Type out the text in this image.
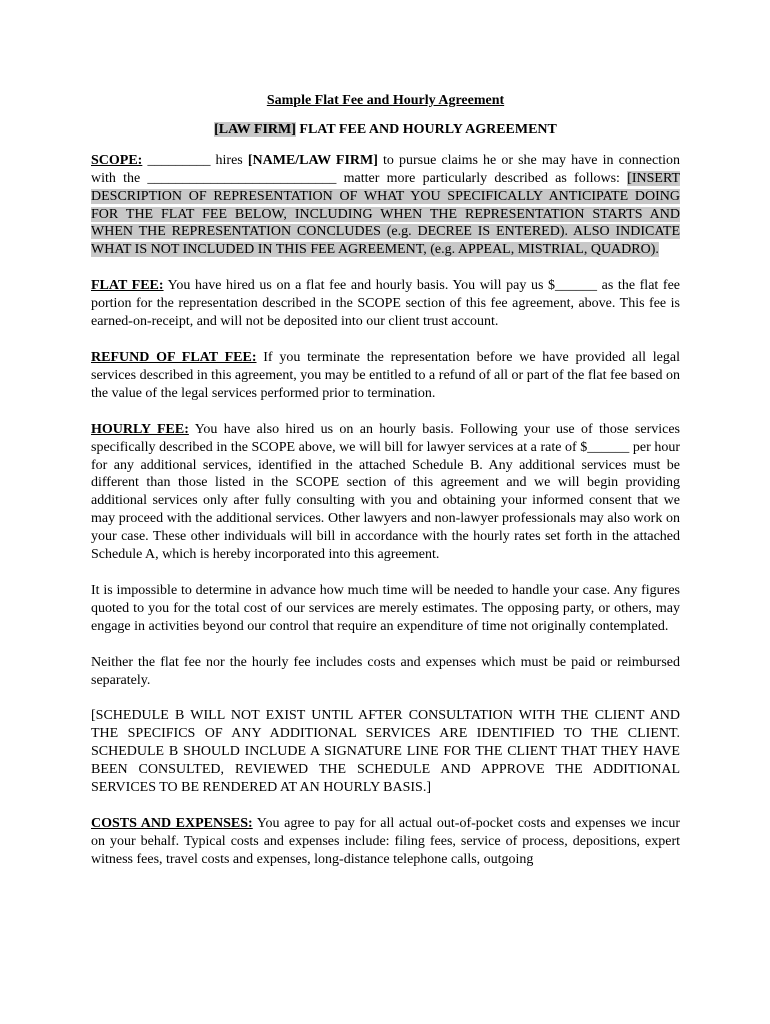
Sample Flat Fee and Hourly Agreement
[LAW FIRM] FLAT FEE AND HOURLY AGREEMENT

SCOPE: _________ hires [NAME/LAW FIRM] to pursue claims he or she may have in connection with the ___________________________ matter more particularly described as follows: [INSERT DESCRIPTION OF REPRESENTATION OF WHAT YOU SPECIFICALLY ANTICIPATE DOING FOR THE FLAT FEE BELOW, INCLUDING WHEN THE REPRESENTATION STARTS AND WHEN THE REPRESENTATION CONCLUDES (e.g. DECREE IS ENTERED). ALSO INDICATE WHAT IS NOT INCLUDED IN THIS FEE AGREEMENT, (e.g. APPEAL, MISTRIAL, QUADRO).

FLAT FEE: You have hired us on a flat fee and hourly basis. You will pay us $______ as the flat fee portion for the representation described in the SCOPE section of this fee agreement, above. This fee is earned-on-receipt, and will not be deposited into our client trust account.

REFUND OF FLAT FEE: If you terminate the representation before we have provided all legal services described in this agreement, you may be entitled to a refund of all or part of the flat fee based on the value of the legal services performed prior to termination.

HOURLY FEE: You have also hired us on an hourly basis. Following your use of those services specifically described in the SCOPE above, we will bill for lawyer services at a rate of $______ per hour for any additional services, identified in the attached Schedule B. Any additional services must be different than those listed in the SCOPE section of this agreement and we will begin providing additional services only after fully consulting with you and obtaining your informed consent that we may proceed with the additional services. Other lawyers and non-lawyer professionals may also work on your case. These other individuals will bill in accordance with the hourly rates set forth in the attached Schedule A, which is hereby incorporated into this agreement.

It is impossible to determine in advance how much time will be needed to handle your case. Any figures quoted to you for the total cost of our services are merely estimates. The opposing party, or others, may engage in activities beyond our control that require an expenditure of time not originally contemplated.

Neither the flat fee nor the hourly fee includes costs and expenses which must be paid or reimbursed separately.

[SCHEDULE B WILL NOT EXIST UNTIL AFTER CONSULTATION WITH THE CLIENT AND THE SPECIFICS OF ANY ADDITIONAL SERVICES ARE IDENTIFIED TO THE CLIENT. SCHEDULE B SHOULD INCLUDE A SIGNATURE LINE FOR THE CLIENT THAT THEY HAVE BEEN CONSULTED, REVIEWED THE SCHEDULE AND APPROVE THE ADDITIONAL SERVICES TO BE RENDERED AT AN HOURLY BASIS.]

COSTS AND EXPENSES: You agree to pay for all actual out-of-pocket costs and expenses we incur on your behalf. Typical costs and expenses include: filing fees, service of process, depositions, expert witness fees, travel costs and expenses, long-distance telephone calls, outgoing
